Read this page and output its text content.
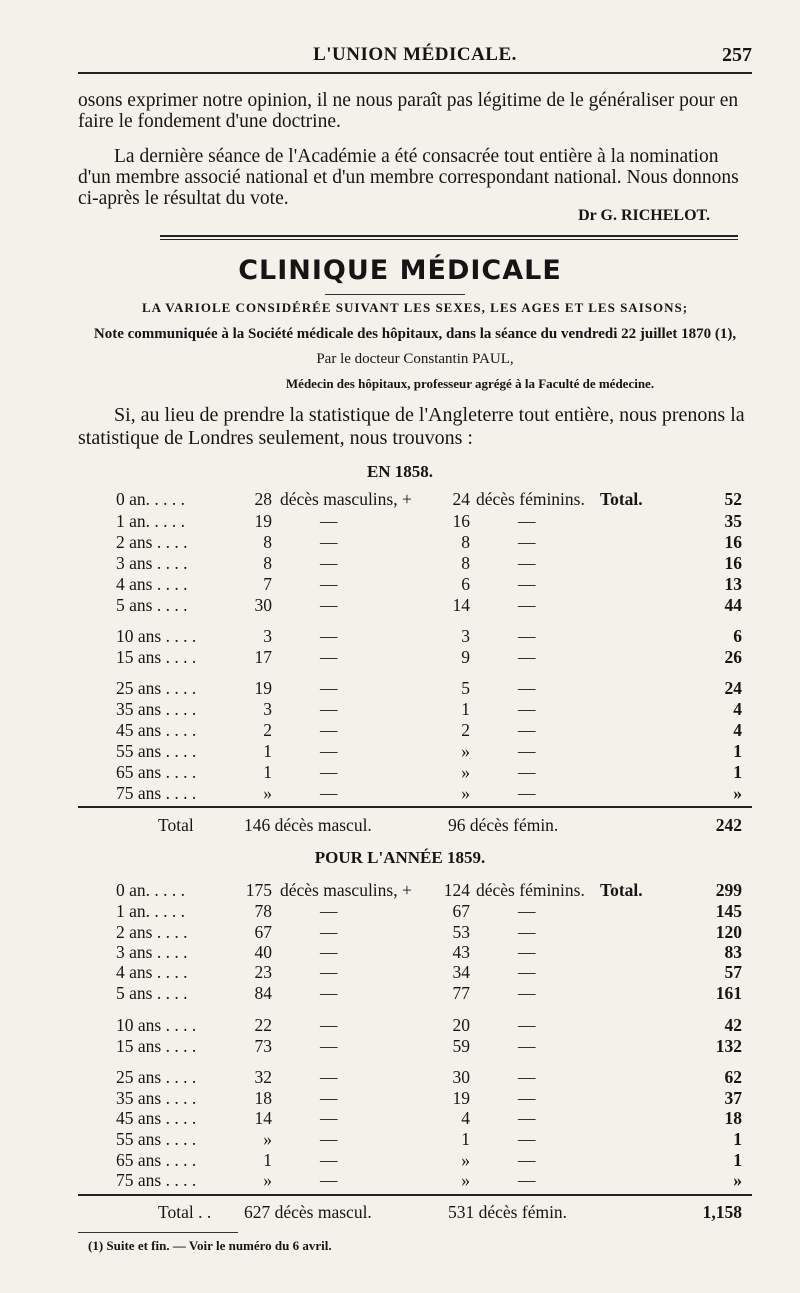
L'UNION MÉDICALE.	257

osons exprimer notre opinion, il ne nous paraît pas légitime de le généraliser pour en faire le fondement d'une doctrine.

La dernière séance de l'Académie a été consacrée tout entière à la nomination d'un membre associé national et d'un membre correspondant national. Nous donnons ci-après le résultat du vote.

Dr G. RICHELOT.
CLINIQUE MÉDICALE
LA VARIOLE CONSIDÉRÉE SUIVANT LES SEXES, LES AGES ET LES SAISONS;
Note communiquée à la Société médicale des hôpitaux, dans la séance du vendredi 22 juillet 1870 (1),
Par le docteur Constantin PAUL,
Médecin des hôpitaux, professeur agrégé à la Faculté de médecine.
Si, au lieu de prendre la statistique de l'Angleterre tout entière, nous prenons la statistique de Londres seulement, nous trouvons :
EN 1858.
0 an. . . . .	28 décès masculins, + 24 décès féminins. Total.	52
1 an. . . . .	19	—	16	—	35
2 ans . . . .	8	—	8	—	16
3 ans . . . .	8	—	8	—	16
4 ans . . . .	7	—	6	—	13
5 ans . . . .	30	—	14	—	44
10 ans . . . .	3	—	3	—	6
15 ans . . . .	17	—	9	—	26
25 ans . . . .	19	—	5	—	24
35 ans . . . .	3	—	1	—	4
45 ans . . . .	2	—	2	—	4
55 ans . . . .	1	—	»	—	1
65 ans . . . .	1	—	»	—	1
75 ans . . . .	»	—	»	—	»
Total	146 décès mascul.	96 décès fémin.	242
POUR L'ANNÉE 1859.
0 an. . . . .	175 décès masculins, + 124 décès féminins. Total.	299
1 an. . . . .	78	—	67	—	145
2 ans . . . .	67	—	53	—	120
3 ans . . . .	40	—	43	—	83
4 ans . . . .	23	—	34	—	57
5 ans . . . .	84	—	77	—	161
10 ans . . . .	22	—	20	—	42
15 ans . . . .	73	—	59	—	132
25 ans . . . .	32	—	30	—	62
35 ans . . . .	18	—	19	—	37
45 ans . . . .	14	—	4	—	18
55 ans . . . .	»	—	1	—	1
65 ans . . . .	1	—	»	—	1
75 ans . . . .	»	—	»	—	»
Total . . 627 décès mascul.	531 décès fémin.	1,158
(1) Suite et fin. — Voir le numéro du 6 avril.
